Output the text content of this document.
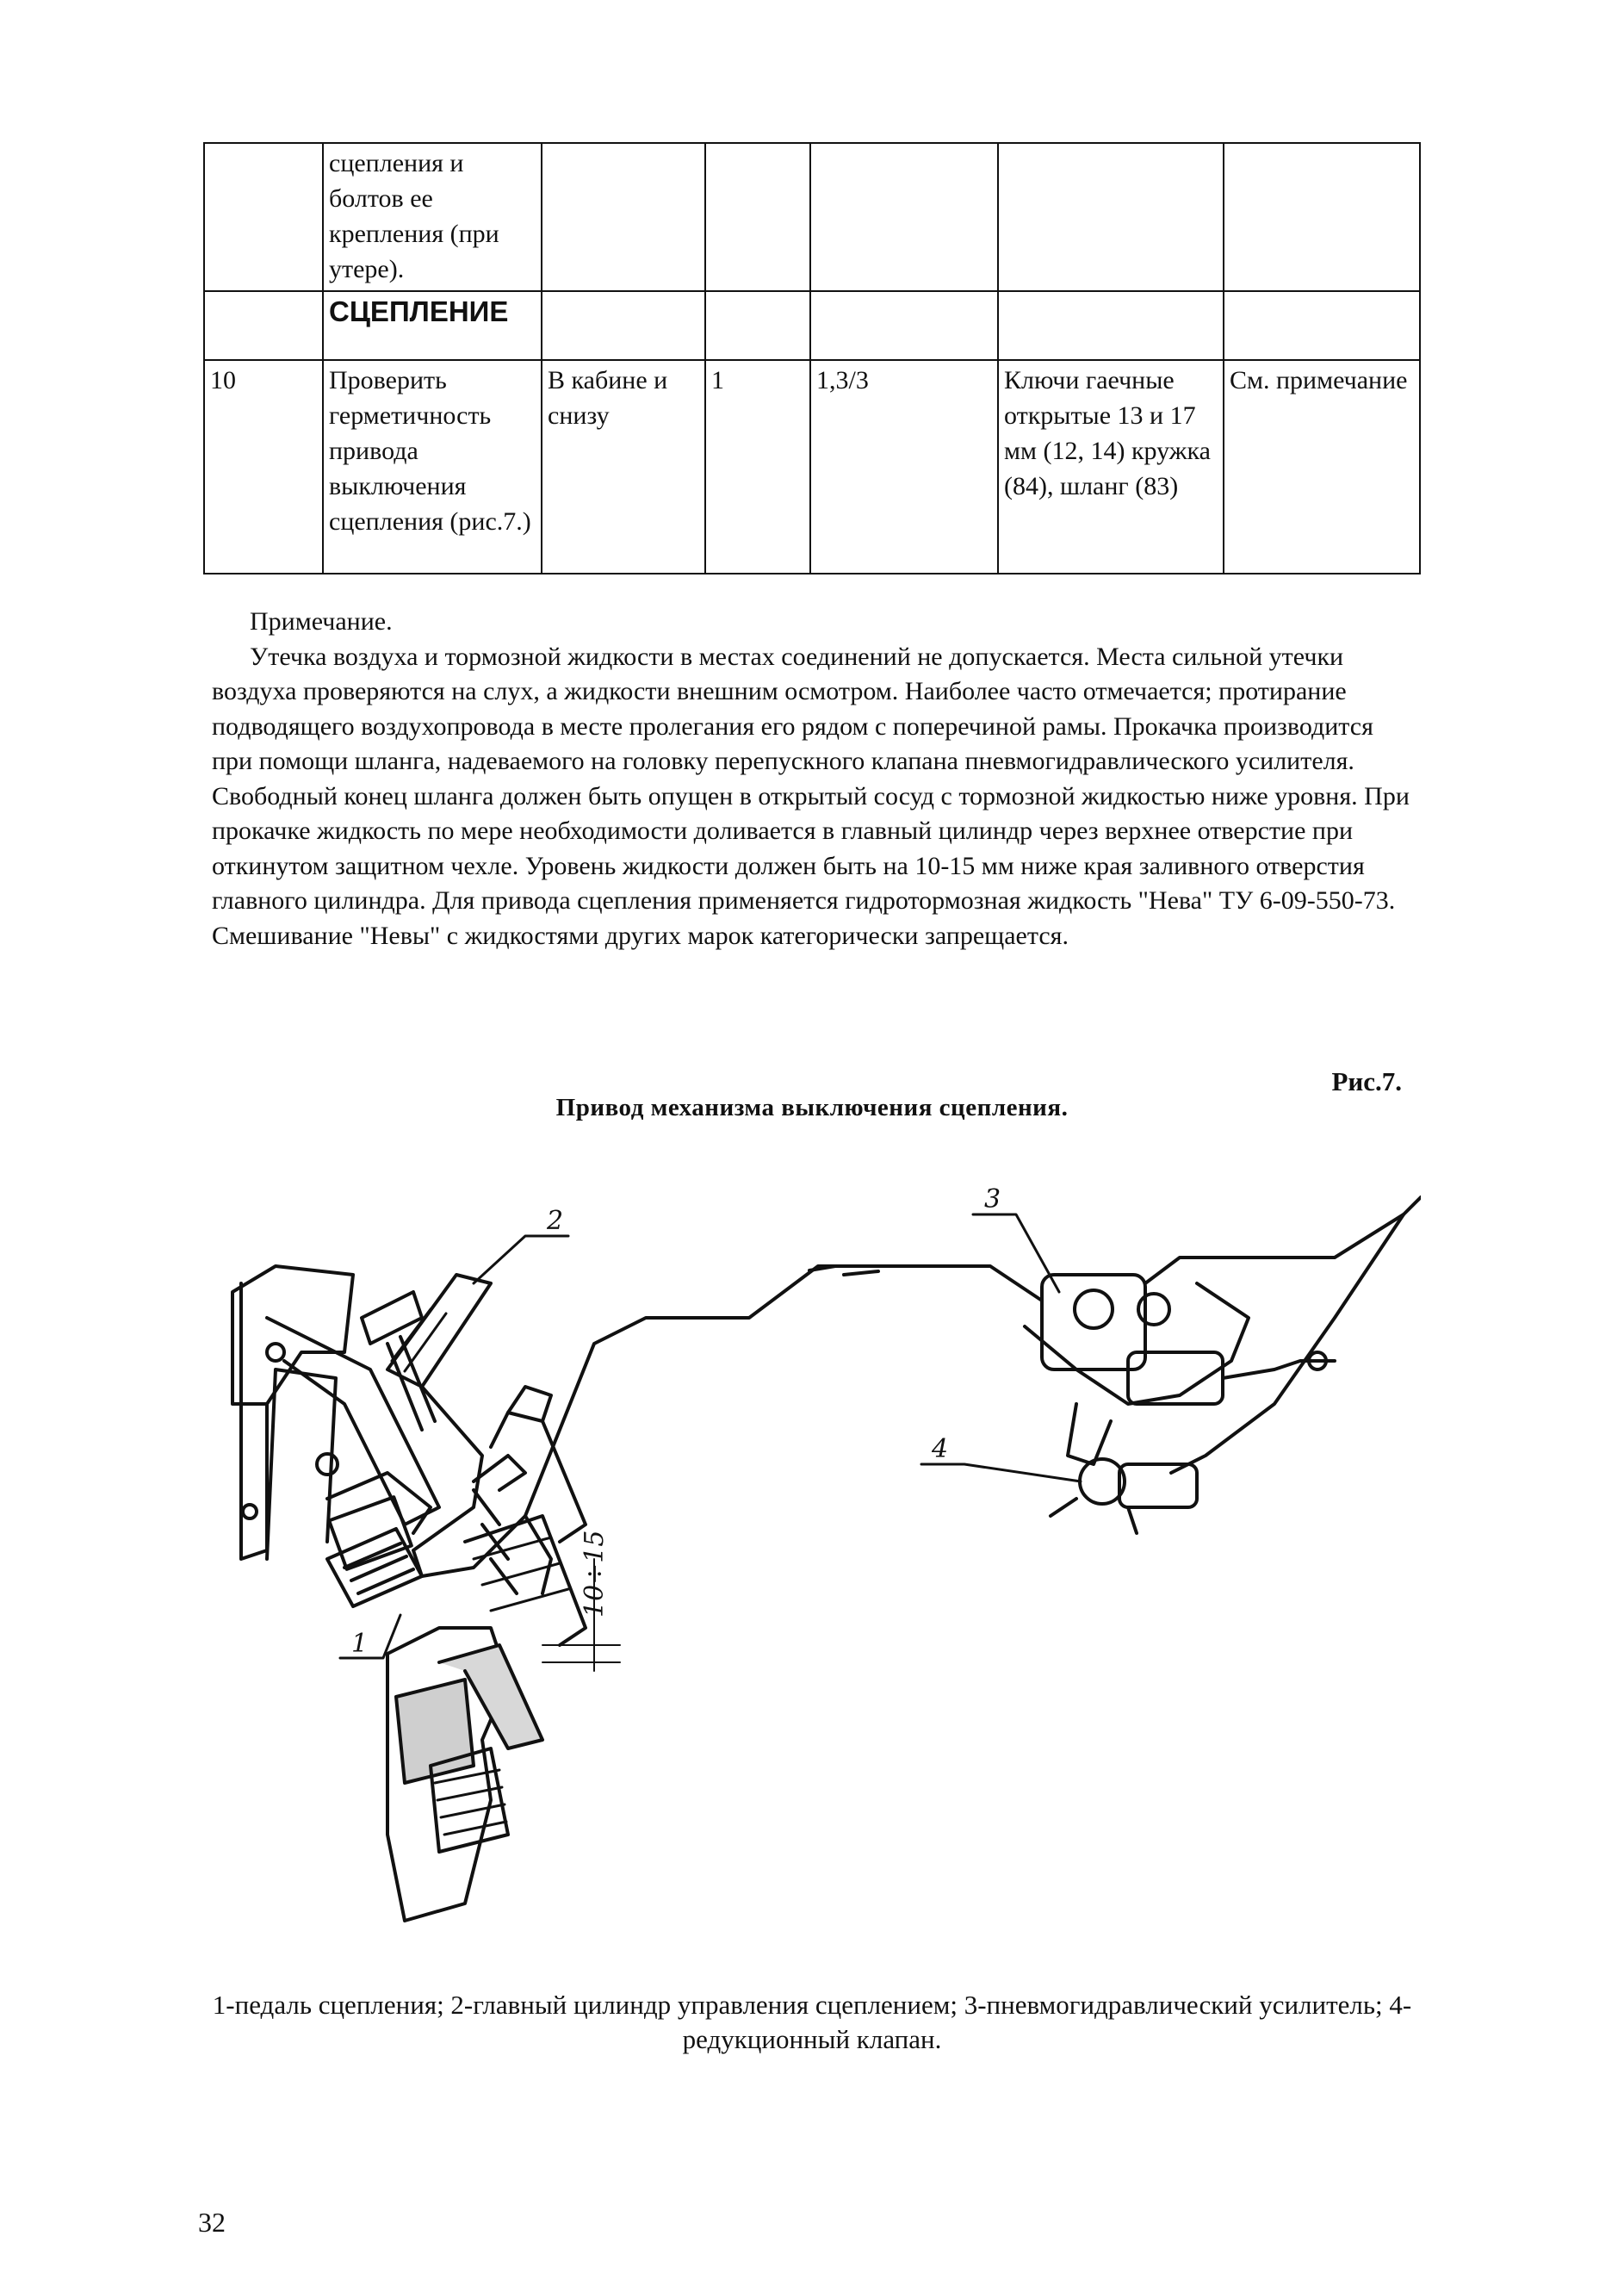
	сцепления и болтов ее крепления (при утере).					
	СЦЕПЛЕНИЕ					
10	Проверить герметичность привода выключения сцепления (рис.7.)	В кабине и снизу	1	1,3/3	Ключи гаечные открытые 13 и 17 мм (12, 14) кружка (84), шланг (83)	См. примечание

Примечание.

Утечка воздуха и тормозной жидкости в местах соединений не допускается. Места сильной утечки воздуха проверяются на слух, а жидкости внешним осмотром. Наиболее часто отмечается; протирание подводящего воздухопровода в месте пролегания его рядом с поперечиной рамы. Прокачка производится при помощи шланга, надеваемого на головку перепускного клапана пневмогидравлического усилителя. Свободный конец шланга должен быть опущен в открытый сосуд с тормозной жидкостью ниже уровня. При прокачке жидкость по мере необходимости доливается в главный цилиндр через верхнее отверстие при откинутом защитном чехле. Уровень жидкости должен быть на 10-15 мм ниже края заливного отверстия главного цилиндра. Для привода сцепления применяется гидротормозная жидкость "Нева" ТУ 6-09-550-73. Смешивание "Невы" с жидкостями других марок категорически запрещается.

Рис.7.
Привод механизма выключения сцепления.
1
2
3
4
10÷15
1-педаль сцепления; 2-главный цилиндр управления сцеплением; 3-пневмогидравлический усилитель; 4-редукционный клапан.
32
